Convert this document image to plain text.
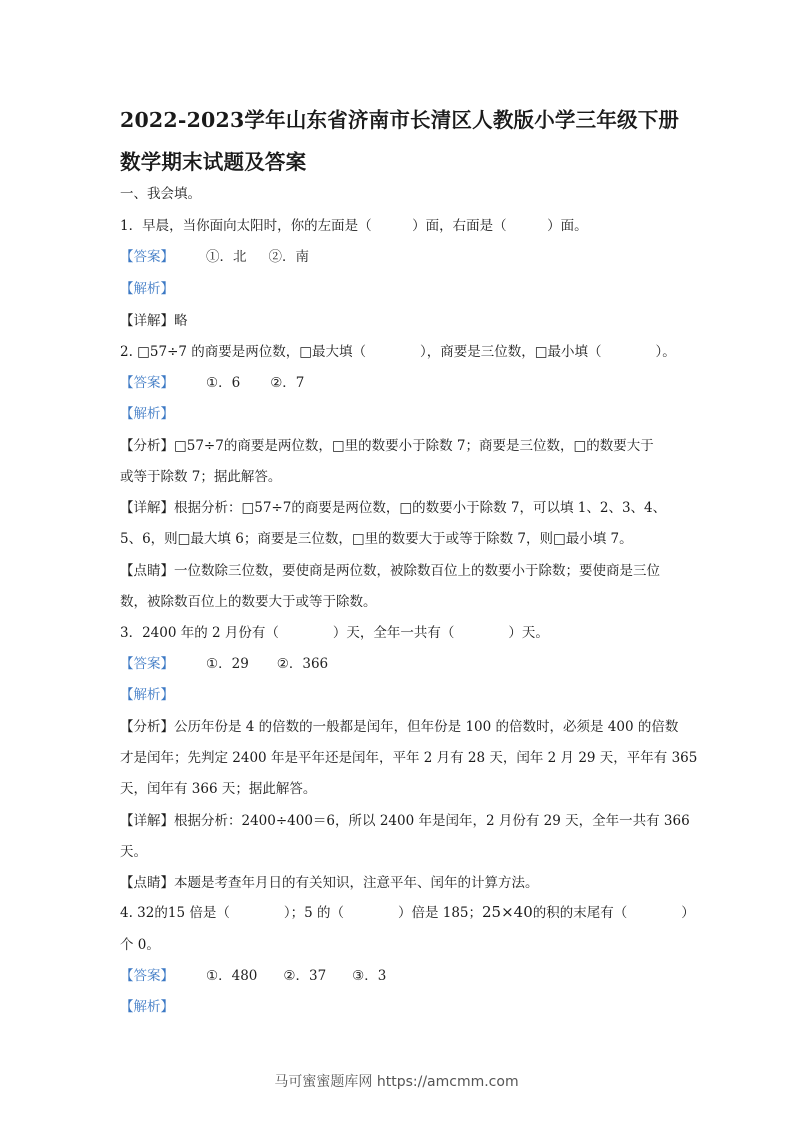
2022-2023学年山东省济南市长清区人教版小学三年级下册
数学期末试题及答案
一、我会填。
1．早晨，当你面向太阳时，你的左面是（　　　）面，右面是（　　　）面。
【答案】 ①．北 ②．南
【解析】
【详解】略
2. □57÷7 的商要是两位数，□最大填（　　　　），商要是三位数，□最小填（　　　　）。
【答案】 ①．6 ②．7
【解析】
【分析】□57÷7的商要是两位数，□里的数要小于除数 7；商要是三位数，□的数要大于
或等于除数 7；据此解答。
【详解】根据分析：□57÷7的商要是两位数，□的数要小于除数 7，可以填 1、2、3、4、
5、6，则□最大填 6；商要是三位数，□里的数要大于或等于除数 7，则□最小填 7。
【点睛】一位数除三位数，要使商是两位数，被除数百位上的数要小于除数；要使商是三位
数，被除数百位上的数要大于或等于除数。
3．2400 年的 2 月份有（　　　　）天，全年一共有（　　　　）天。
【答案】 ①．29 ②．366
【解析】
【分析】公历年份是 4 的倍数的一般都是闰年，但年份是 100 的倍数时，必须是 400 的倍数
才是闰年；先判定 2400 年是平年还是闰年，平年 2 月有 28 天，闰年 2 月 29 天，平年有 365
天，闰年有 366 天；据此解答。
【详解】根据分析：2400÷400＝6，所以 2400 年是闰年，2 月份有 29 天，全年一共有 366
天。
【点睛】本题是考查年月日的有关知识，注意平年、闰年的计算方法。
4. 32的15 倍是（　　　　）；5 的（　　　　）倍是 185；25×40的积的末尾有（　　　　）
个 0。
【答案】 ①．480 ②．37 ③．3
【解析】
马可蜜蜜题库网 https://amcmm.com
